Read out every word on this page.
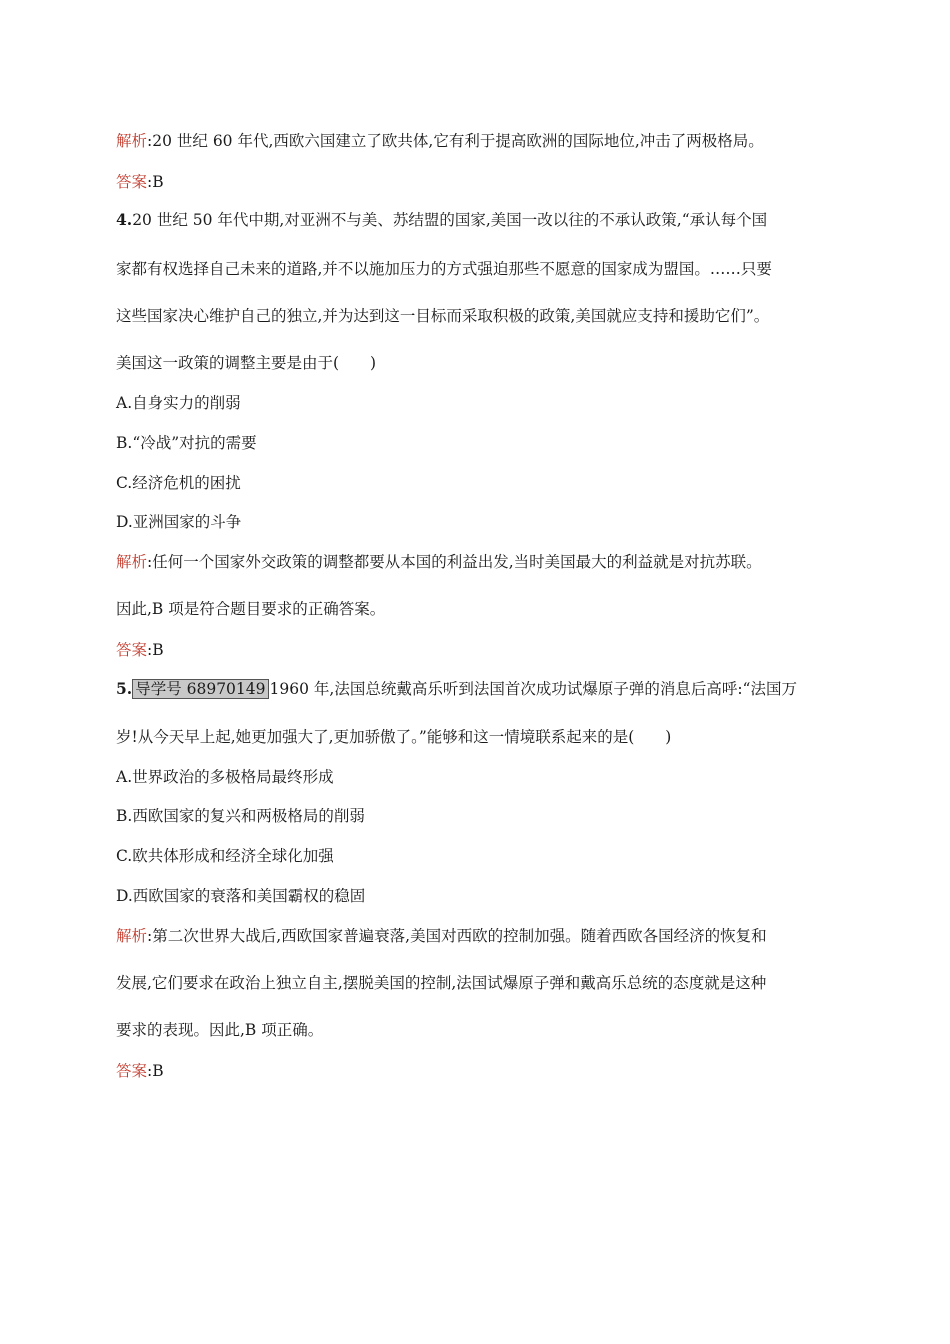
解析:20 世纪 60 年代,西欧六国建立了欧共体,它有利于提高欧洲的国际地位,冲击了两极格局。
答案:B
4.20 世纪 50 年代中期,对亚洲不与美、苏结盟的国家,美国一改以往的不承认政策,“承认每个国
家都有权选择自己未来的道路,并不以施加压力的方式强迫那些不愿意的国家成为盟国。……只要
这些国家决心维护自己的独立,并为达到这一目标而采取积极的政策,美国就应支持和援助它们”。
美国这一政策的调整主要是由于(　　)
A.自身实力的削弱
B.“冷战”对抗的需要
C.经济危机的困扰
D.亚洲国家的斗争
解析:任何一个国家外交政策的调整都要从本国的利益出发,当时美国最大的利益就是对抗苏联。
因此,B 项是符合题目要求的正确答案。
答案:B
5. 导学号 68970149 1960 年,法国总统戴高乐听到法国首次成功试爆原子弹的消息后高呼:“法国万
岁!从今天早上起,她更加强大了,更加骄傲了。”能够和这一情境联系起来的是(　　)
A.世界政治的多极格局最终形成
B.西欧国家的复兴和两极格局的削弱
C.欧共体形成和经济全球化加强
D.西欧国家的衰落和美国霸权的稳固
解析:第二次世界大战后,西欧国家普遍衰落,美国对西欧的控制加强。随着西欧各国经济的恢复和
发展,它们要求在政治上独立自主,摆脱美国的控制,法国试爆原子弹和戴高乐总统的态度就是这种
要求的表现。因此,B 项正确。
答案:B
